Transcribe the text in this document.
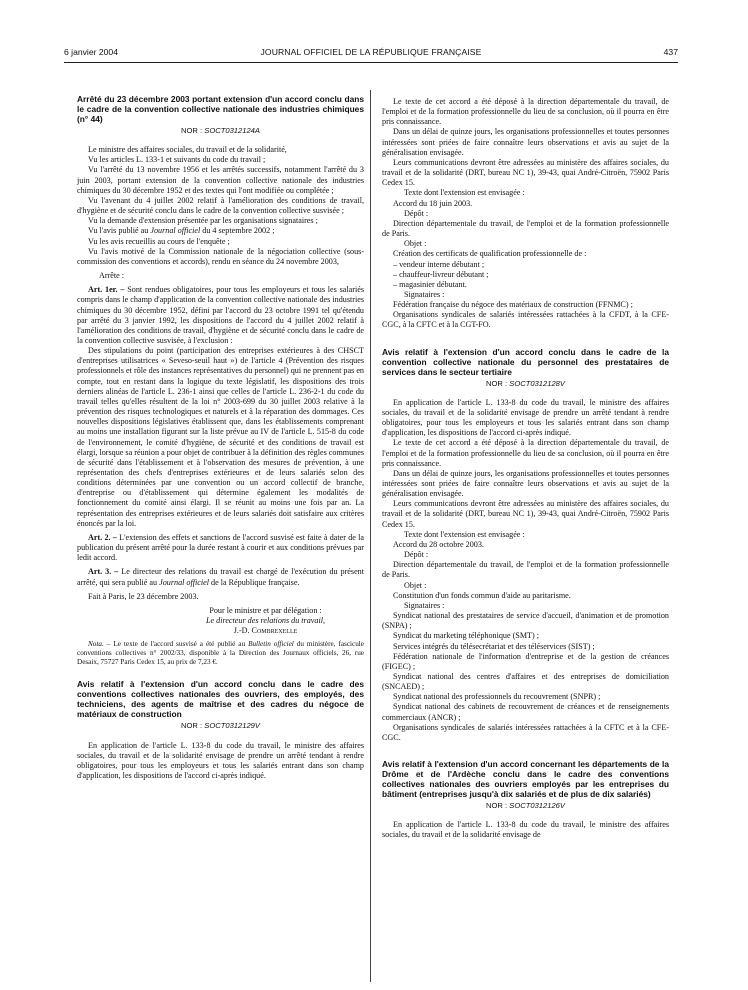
6 janvier 2004	JOURNAL OFFICIEL DE LA RÉPUBLIQUE FRANÇAISE	437

Arrêté du 23 décembre 2003 portant extension d'un accord conclu dans le cadre de la convention collective nationale des industries chimiques (n° 44)

NOR : SOCT0312124A

Le ministre des affaires sociales, du travail et de la solidarité,

Vu les articles L. 133-1 et suivants du code du travail ;

Vu l'arrêté du 13 novembre 1956 et les arrêtés successifs, notamment l'arrêté du 3 juin 2003, portant extension de la convention collective nationale des industries chimiques du 30 décembre 1952 et des textes qui l'ont modifiée ou complétée ;

Vu l'avenant du 4 juillet 2002 relatif à l'amélioration des conditions de travail, d'hygiène et de sécurité conclu dans le cadre de la convention collective susvisée ;

Vu la demande d'extension présentée par les organisations signataires ;

Vu l'avis publié au Journal officiel du 4 septembre 2002 ;

Vu les avis recueillis au cours de l'enquête ;

Vu l'avis motivé de la Commission nationale de la négociation collective (sous-commission des conventions et accords), rendu en séance du 24 novembre 2003,

Arrête :

Art. 1er. – Sont rendues obligatoires, pour tous les employeurs et tous les salariés compris dans le champ d'application de la convention collective nationale des industries chimiques du 30 décembre 1952, défini par l'accord du 23 octobre 1991 tel qu'étendu par arrêté du 3 janvier 1992, les dispositions de l'accord du 4 juillet 2002 relatif à l'amélioration des conditions de travail, d'hygiène et de sécurité conclu dans le cadre de la convention collective susvisée, à l'exclusion :

Des stipulations du point (participation des entreprises extérieures à des CHSCT d'entreprises utilisatrices « Seveso-seuil haut ») de l'article 4 (Prévention des risques professionnels et rôle des instances représentatives du personnel) qui ne prennent pas en compte, tout en restant dans la logique du texte législatif, les dispositions des trois derniers alinéas de l'article L. 236-1 ainsi que celles de l'article L. 236-2-1 du code du travail telles qu'elles résultent de la loi n° 2003-699 du 30 juillet 2003 relative à la prévention des risques technologiques et naturels et à la réparation des dommages. Ces nouvelles dispositions législatives établissent que, dans les établissements comprenant au moins une installation figurant sur la liste prévue au IV de l'article L. 515-8 du code de l'environnement, le comité d'hygiène, de sécurité et des conditions de travail est élargi, lorsque sa réunion a pour objet de contribuer à la définition des règles communes de sécurité dans l'établissement et à l'observation des mesures de prévention, à une représentation des chefs d'entreprises extérieures et de leurs salariés selon des conditions déterminées par une convention ou un accord collectif de branche, d'entreprise ou d'établissement qui détermine également les modalités de fonctionnement du comité ainsi élargi. Il se réunit au moins une fois par an. La représentation des entreprises extérieures et de leurs salariés doit satisfaire aux critères énoncés par la loi.

Art. 2. – L'extension des effets et sanctions de l'accord susvisé est faite à dater de la publication du présent arrêté pour la durée restant à courir et aux conditions prévues par ledit accord.

Art. 3. – Le directeur des relations du travail est chargé de l'exécution du présent arrêté, qui sera publié au Journal officiel de la République française.

Fait à Paris, le 23 décembre 2003.

Pour le ministre et par délégation :

Le directeur des relations du travail,

J.-D. Combrexelle

Nota. – Le texte de l'accord susvisé a été publié au Bulletin officiel du ministère, fascicule conventions collectives n° 2002/33, disponible à la Direction des Journaux officiels, 26, rue Desaix, 75727 Paris Cedex 15, au prix de 7,23 €.

Avis relatif à l'extension d'un accord conclu dans le cadre des conventions collectives nationales des ouvriers, des employés, des techniciens, des agents de maîtrise et des cadres du négoce de matériaux de construction

NOR : SOCT0312129V

En application de l'article L. 133-8 du code du travail, le ministre des affaires sociales, du travail et de la solidarité envisage de prendre un arrêté tendant à rendre obligatoires, pour tous les employeurs et tous les salariés entrant dans son champ d'application, les dispositions de l'accord ci-après indiqué.

Le texte de cet accord a été déposé à la direction départementale du travail, de l'emploi et de la formation professionnelle du lieu de sa conclusion, où il pourra en être pris connaissance.

Dans un délai de quinze jours, les organisations professionnelles et toutes personnes intéressées sont priées de faire connaître leurs observations et avis au sujet de la généralisation envisagée.

Leurs communications devront être adressées au ministère des affaires sociales, du travail et de la solidarité (DRT, bureau NC 1), 39-43, quai André-Citroën, 75902 Paris Cedex 15.

Texte dont l'extension est envisagée :

Accord du 18 juin 2003.

Dépôt :

Direction départementale du travail, de l'emploi et de la formation professionnelle de Paris.

Objet :

Création des certificats de qualification professionnelle de :

– vendeur interne débutant ;

– chauffeur-livreur débutant ;

– magasinier débutant.

Signataires :

Fédération française du négoce des matériaux de construction (FFNMC) ;

Organisations syndicales de salariés intéressées rattachées à la CFDT, à la CFE-CGC, à la CFTC et à la CGT-FO.

Avis relatif à l'extension d'un accord conclu dans le cadre de la convention collective nationale du personnel des prestataires de services dans le secteur tertiaire

NOR : SOCT0312128V

En application de l'article L. 133-8 du code du travail, le ministre des affaires sociales, du travail et de la solidarité envisage de prendre un arrêté tendant à rendre obligatoires, pour tous les employeurs et tous les salariés entrant dans son champ d'application, les dispositions de l'accord ci-après indiqué.

Le texte de cet accord a été déposé à la direction départementale du travail, de l'emploi et de la formation professionnelle du lieu de sa conclusion, où il pourra en être pris connaissance.

Dans un délai de quinze jours, les organisations professionnelles et toutes personnes intéressées sont priées de faire connaître leurs observations et avis au sujet de la généralisation envisagée.

Leurs communications devront être adressées au ministère des affaires sociales, du travail et de la solidarité (DRT, bureau NC 1), 39-43, quai André-Citroën, 75902 Paris Cedex 15.

Texte dont l'extension est envisagée :

Accord du 28 octobre 2003.

Dépôt :

Direction départementale du travail, de l'emploi et de la formation professionnelle de Paris.

Objet :

Constitution d'un fonds commun d'aide au paritarisme.

Signataires :

Syndicat national des prestataires de service d'accueil, d'animation et de promotion (SNPA) ;

Syndicat du marketing téléphonique (SMT) ;

Services intégrés du télésecrétariat et des téléservices (SIST) ;

Fédération nationale de l'information d'entreprise et de la gestion de créances (FIGEC) ;

Syndicat national des centres d'affaires et des entreprises de domiciliation (SNCAED) ;

Syndicat national des professionnels du recouvrement (SNPR) ;

Syndicat national des cabinets de recouvrement de créances et de renseignements commerciaux (ANCR) ;

Organisations syndicales de salariés intéressées rattachées à la CFTC et à la CFE-CGC.

Avis relatif à l'extension d'un accord concernant les départements de la Drôme et de l'Ardèche conclu dans le cadre des conventions collectives nationales des ouvriers employés par les entreprises du bâtiment (entreprises jusqu'à dix salariés et de plus de dix salariés)

NOR : SOCT0312126V

En application de l'article L. 133-8 du code du travail, le ministre des affaires sociales, du travail et de la solidarité envisage de
